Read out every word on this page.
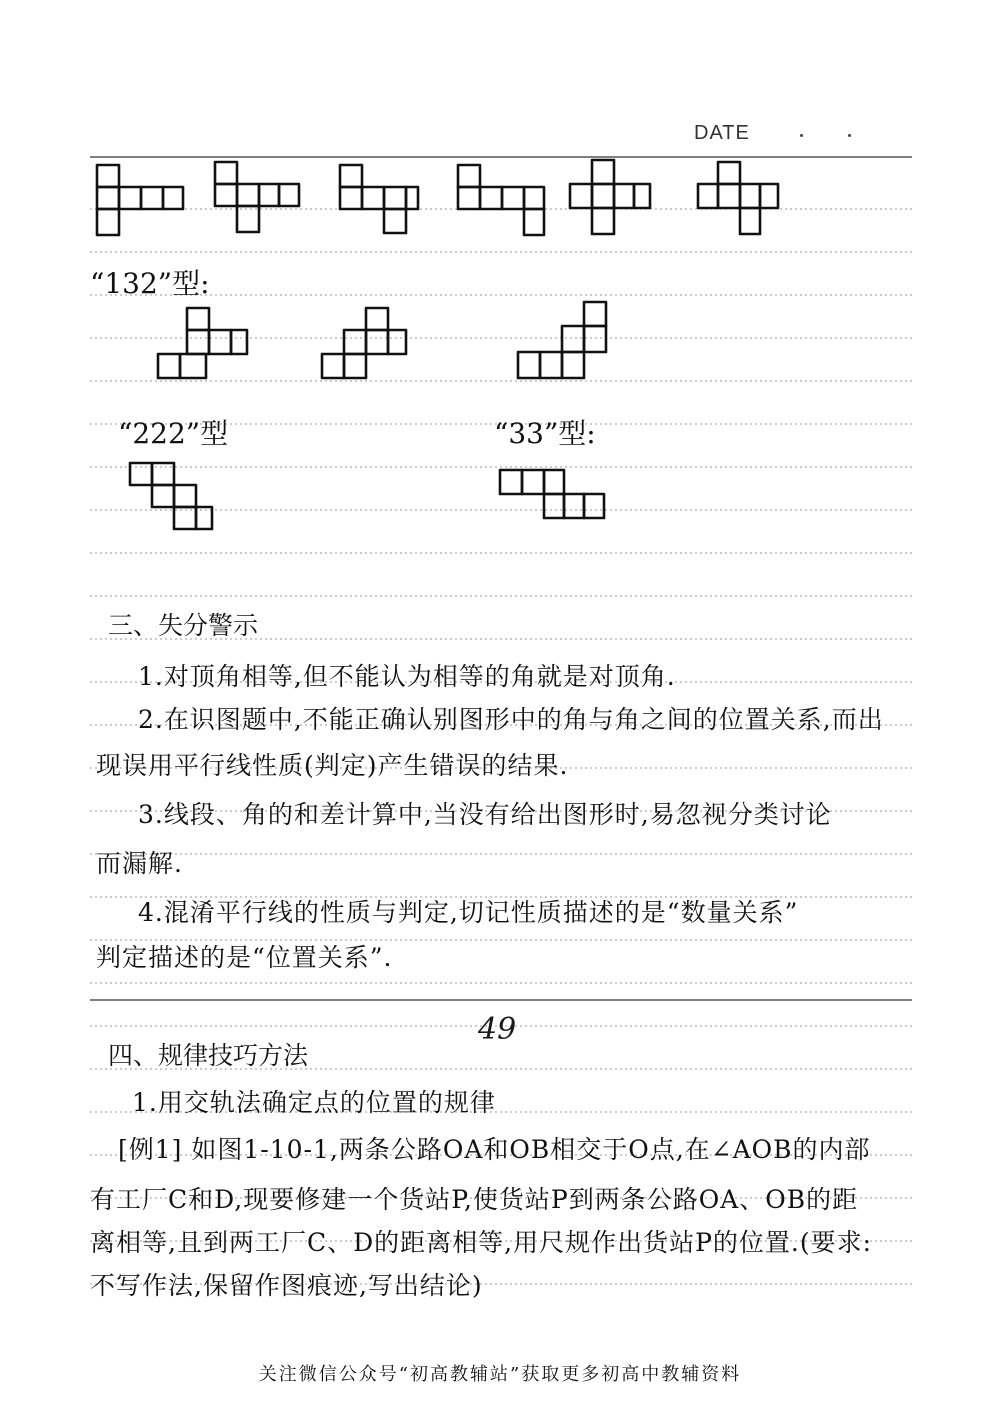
DATE
“132”型:
“222”型	“33”型:
三、失分警示
1.对顶角相等,但不能认为相等的角就是对顶角.
2.在识图题中,不能正确认别图形中的角与角之间的位置关系,而出
现误用平行线性质(判定)产生错误的结果.
3.线段、角的和差计算中,当没有给出图形时,易忽视分类讨论
而漏解.
4.混淆平行线的性质与判定,切记性质描述的是“数量关系”
判定描述的是“位置关系”.
四、规律技巧方法
1.用交轨法确定点的位置的规律
[例1] 如图1-10-1,两条公路OA和OB相交于O点,在∠AOB的内部
有工厂C和D,现要修建一个货站P,使货站P到两条公路OA、OB的距
离相等,且到两工厂C、D的距离相等,用尺规作出货站P的位置.(要求:
不写作法,保留作图痕迹,写出结论)
49
关注微信公众号“初高教辅站”获取更多初高中教辅资料
